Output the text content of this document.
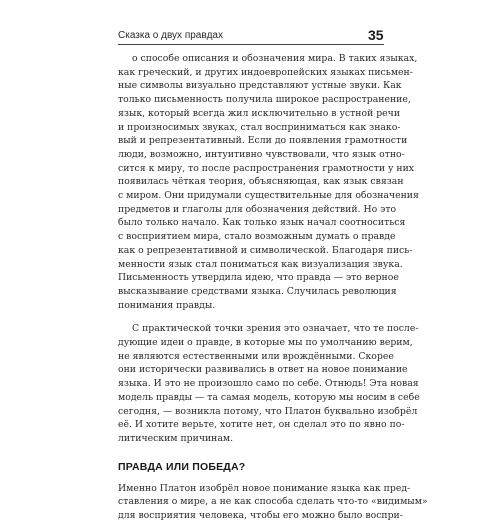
Сказка о двух правдах	35
о способе описания и обозначения мира. В таких языках,
как греческий, и других индоевропейских языках письмен-
ные символы визуально представляют устные звуки. Как
только письменность получила широкое распространение,
язык, который всегда жил исключительно в устной речи
и произносимых звуках, стал восприниматься как знако-
вый и репрезентативный. Если до появления грамотности
люди, возможно, интуитивно чувствовали, что язык отно-
сится к миру, то после распространения грамотности у них
появилась чёткая теория, объясняющая, как язык связан
с миром. Они придумали существительные для обозначения
предметов и глаголы для обозначения действий. Но это
было только начало. Как только язык начал соотноситься
с восприятием мира, стало возможным думать о правде
как о репрезентативной и символической. Благодаря пись-
менности язык стал пониматься как визуализация звука.
Письменность утвердила идею, что правда — это верное
высказывание средствами языка. Случилась революция
понимания правды.
С практической точки зрения это означает, что те после-
дующие идеи о правде, в которые мы по умолчанию верим,
не являются естественными или врождёнными. Скорее
они исторически развивались в ответ на новое понимание
языка. И это не произошло само по себе. Отнюдь! Эта новая
модель правды — та самая модель, которую мы носим в себе
сегодня, — возникла потому, что Платон буквально изобрёл
её. И хотите верьте, хотите нет, он сделал это по явно по-
литическим причинам.
ПРАВДА ИЛИ ПОБЕДА?
Именно Платон изобрёл новое понимание языка как пред-
ставления о мире, а не как способа сделать что-то «видимым»
для восприятия человека, чтобы его можно было воспри-
